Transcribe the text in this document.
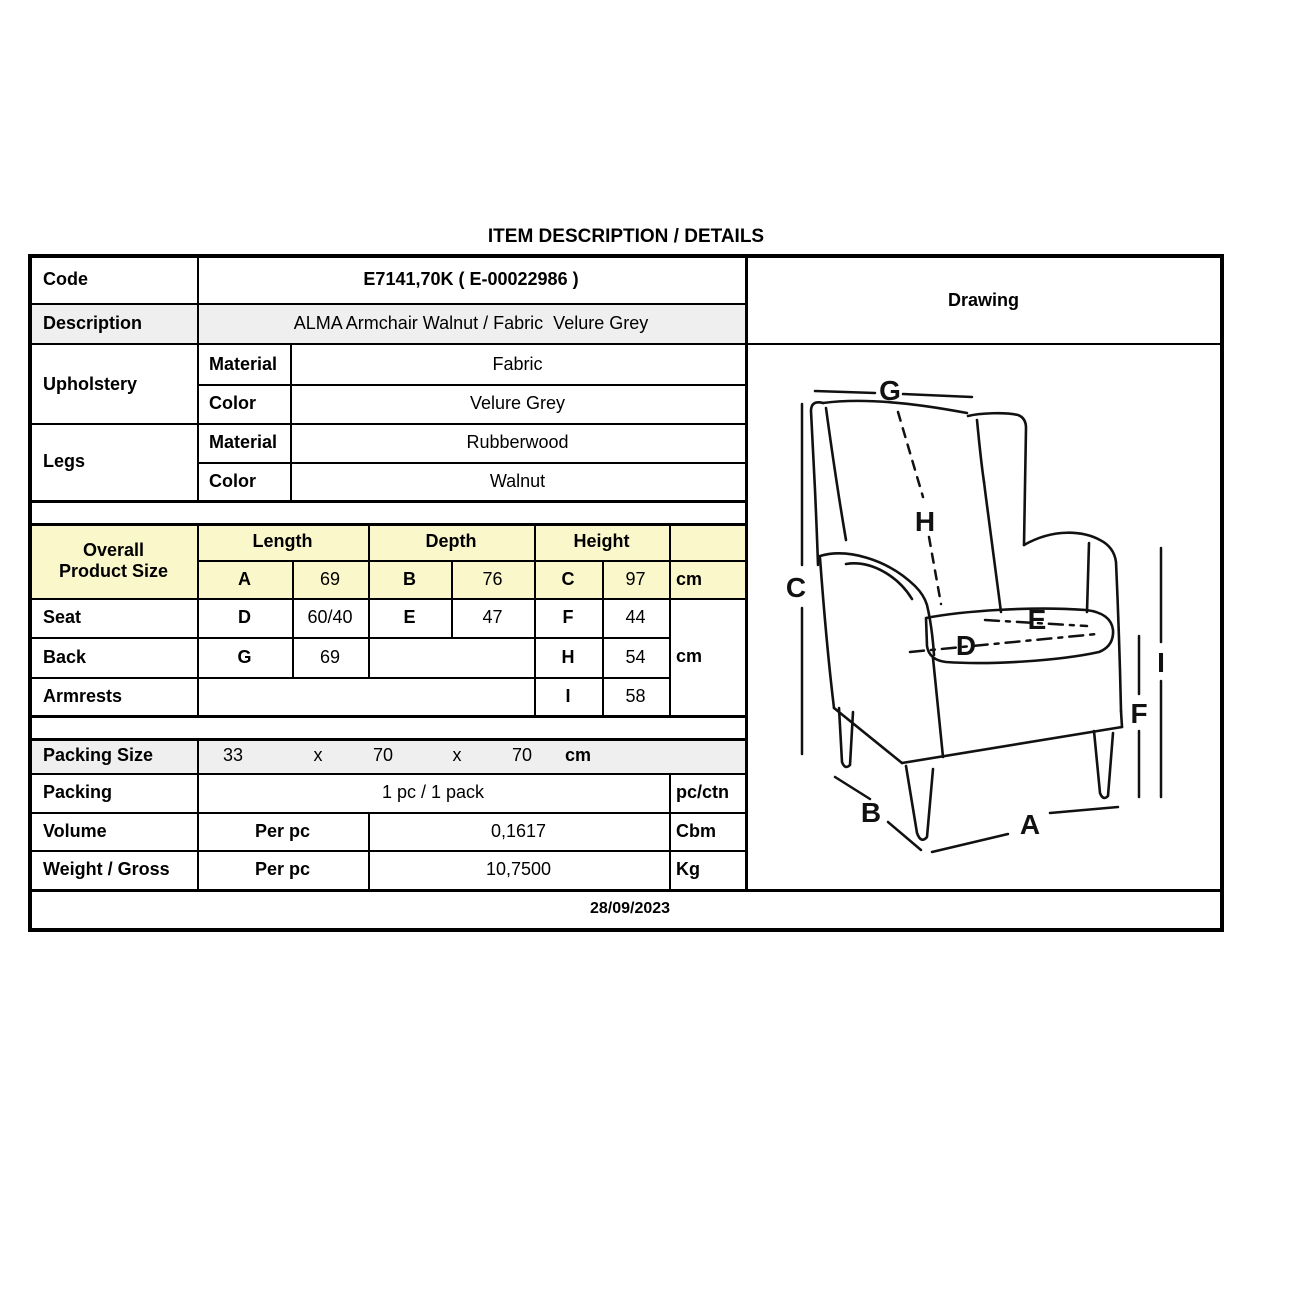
ITEM DESCRIPTION / DETAILS
Code	E7141,70K ( E-00022986 )
Description	ALMA Armchair Walnut / Fabric  Velure Grey
Upholstery
Material	Fabric
Color	Velure Grey
Legs
Material	Rubberwood
Color	Walnut
Overall
Product Size
Length	Depth	Height
A	69	B	76	C	97	cm
Seat	D	60/40	E	47	F	44
Back	G	69	H	54	cm
Armrests	I	58
Packing Size	33	x	70	x	70	cm
Packing	1 pc / 1 pack	pc/ctn
Volume	Per pc	0,1617	Cbm
Weight / Gross	Per pc	10,7500	Kg
28/09/2023
Drawing
G
H
C
D
E
B	A
F
I
